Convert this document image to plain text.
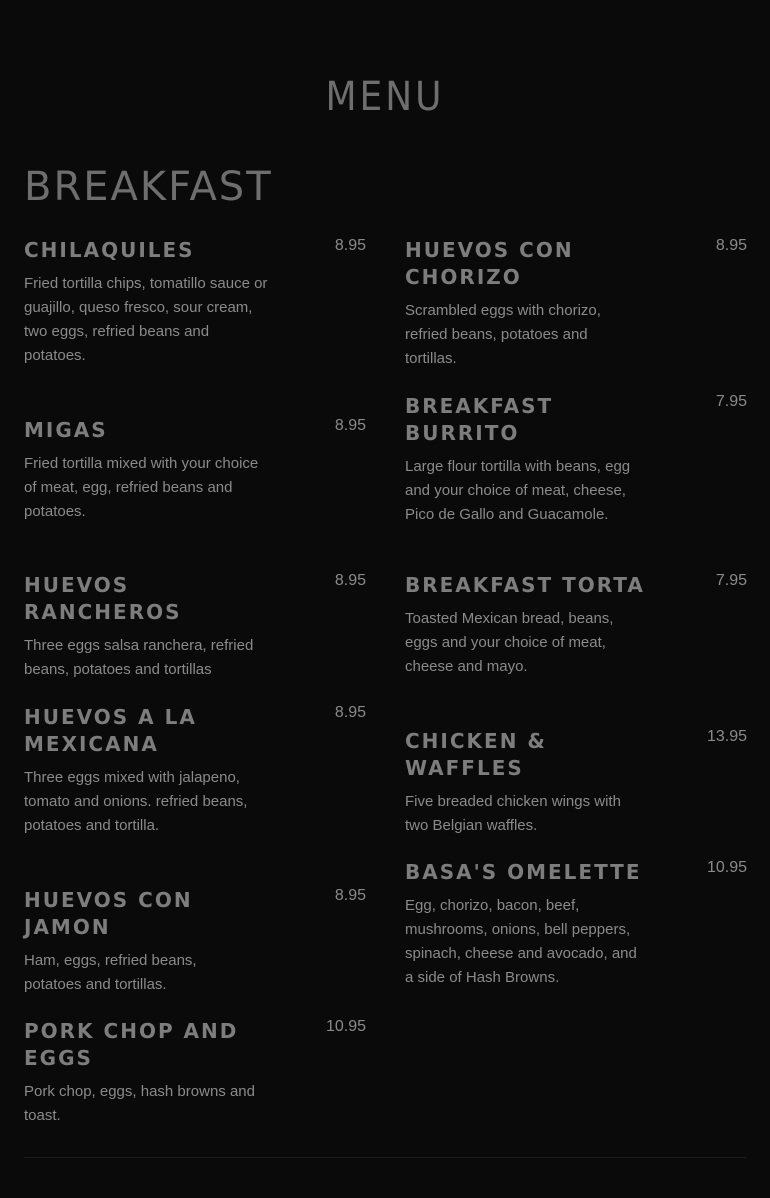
MENU
BREAKFAST
CHILAQUILES	8.95
Fried tortilla chips, tomatillo sauce or guajillo, queso fresco, sour cream, two eggs, refried beans and potatoes.
MIGAS	8.95
Fried tortilla mixed with your choice of meat, egg, refried beans and potatoes.
HUEVOS RANCHEROS
8.95
Three eggs salsa ranchera, refried beans, potatoes and tortillas
HUEVOS A LA MEXICANA
8.95
Three eggs mixed with jalapeno, tomato and onions. refried beans, potatoes and tortilla.
HUEVOS CON JAMON
8.95
Ham, eggs, refried beans, potatoes and tortillas.
PORK CHOP AND EGGS
10.95
Pork chop, eggs, hash browns and toast.
HUEVOS CON CHORIZO
8.95
Scrambled eggs with chorizo, refried beans, potatoes and tortillas.
BREAKFAST BURRITO
7.95
Large flour tortilla with beans, egg and your choice of meat, cheese, Pico de Gallo and Guacamole.
BREAKFAST TORTA	7.95
Toasted Mexican bread, beans, eggs and your choice of meat, cheese and mayo.
CHICKEN & WAFFLES
13.95
Five breaded chicken wings with two Belgian waffles.
BASA'S OMELETTE	10.95
Egg, chorizo, bacon, beef, mushrooms, onions, bell peppers, spinach, cheese and avocado, and a side of Hash Browns.
